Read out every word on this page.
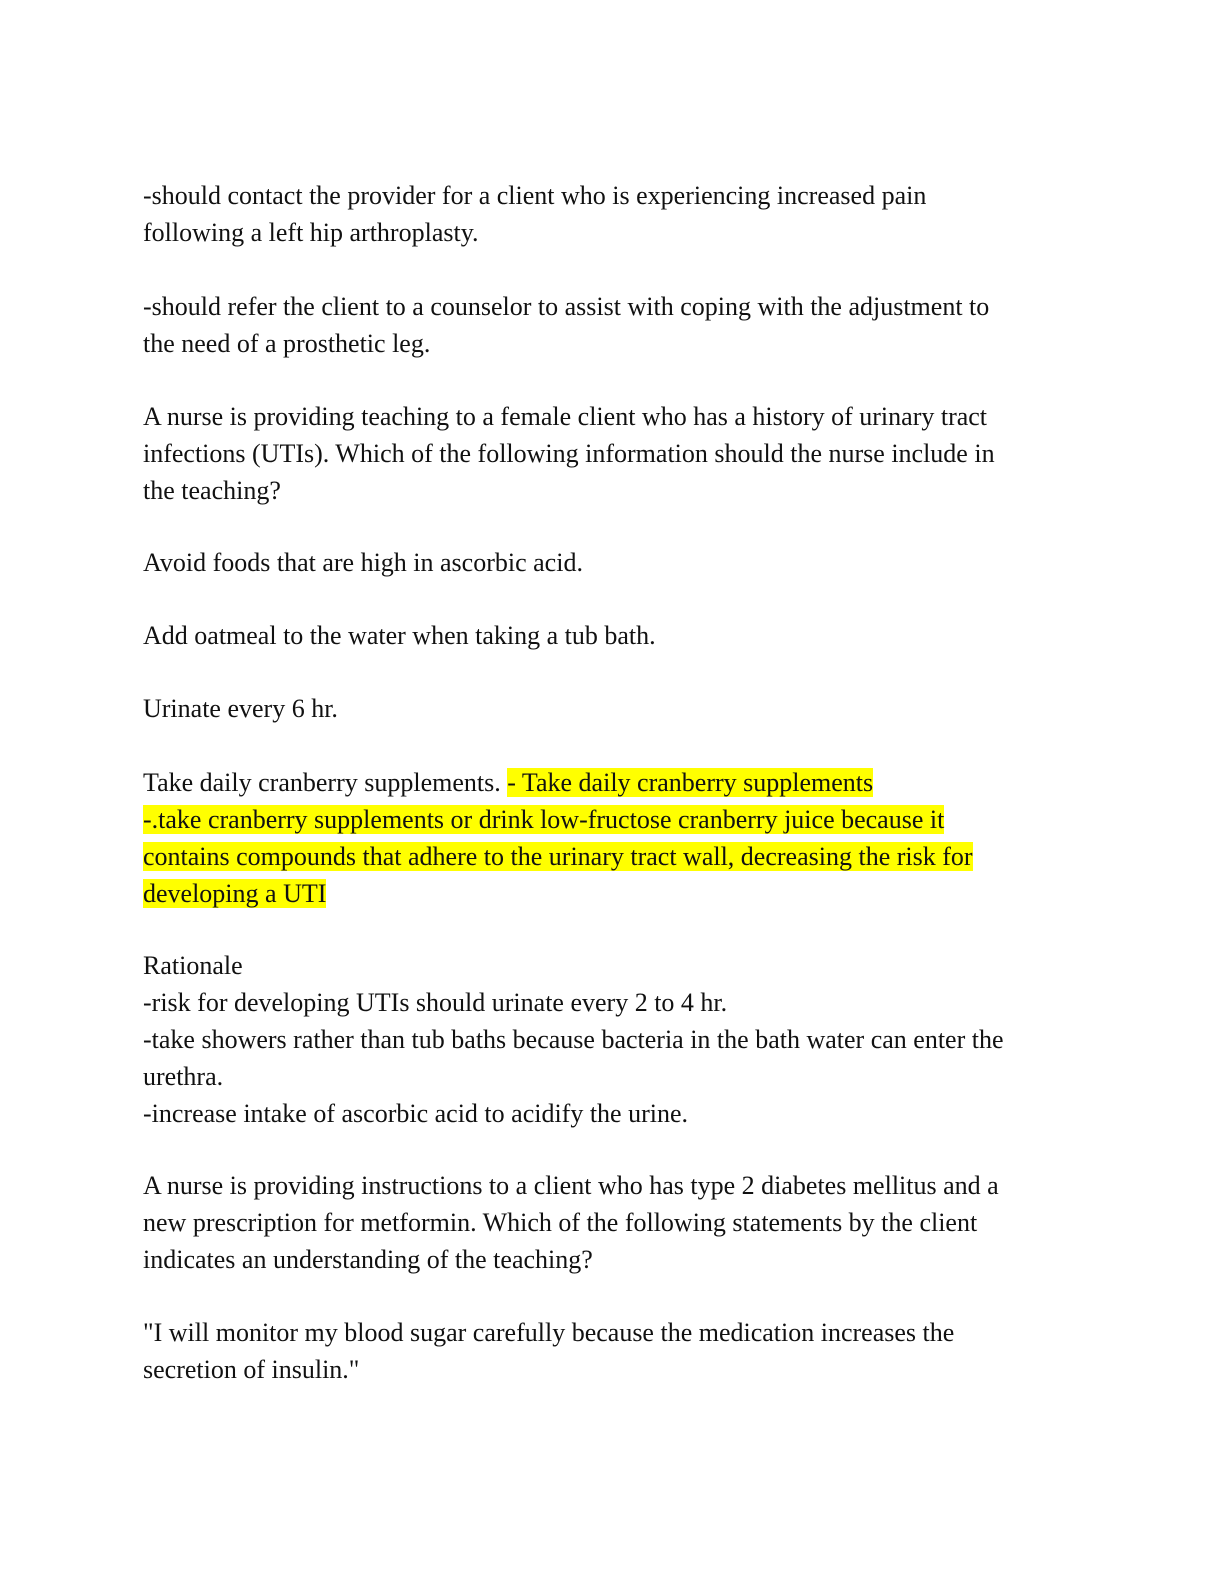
-should contact the provider for a client who is experiencing increased pain
following a left hip arthroplasty.
-should refer the client to a counselor to assist with coping with the adjustment to
the need of a prosthetic leg.
A nurse is providing teaching to a female client who has a history of urinary tract
infections (UTIs). Which of the following information should the nurse include in
the teaching?
Avoid foods that are high in ascorbic acid.
Add oatmeal to the water when taking a tub bath.
Urinate every 6 hr.
Take daily cranberry supplements. - Take daily cranberry supplements
-.take cranberry supplements or drink low-fructose cranberry juice because it
contains compounds that adhere to the urinary tract wall, decreasing the risk for
developing a UTI
Rationale
-risk for developing UTIs should urinate every 2 to 4 hr.
-take showers rather than tub baths because bacteria in the bath water can enter the
urethra.
-increase intake of ascorbic acid to acidify the urine.
A nurse is providing instructions to a client who has type 2 diabetes mellitus and a
new prescription for metformin. Which of the following statements by the client
indicates an understanding of the teaching?
"I will monitor my blood sugar carefully because the medication increases the
secretion of insulin."
